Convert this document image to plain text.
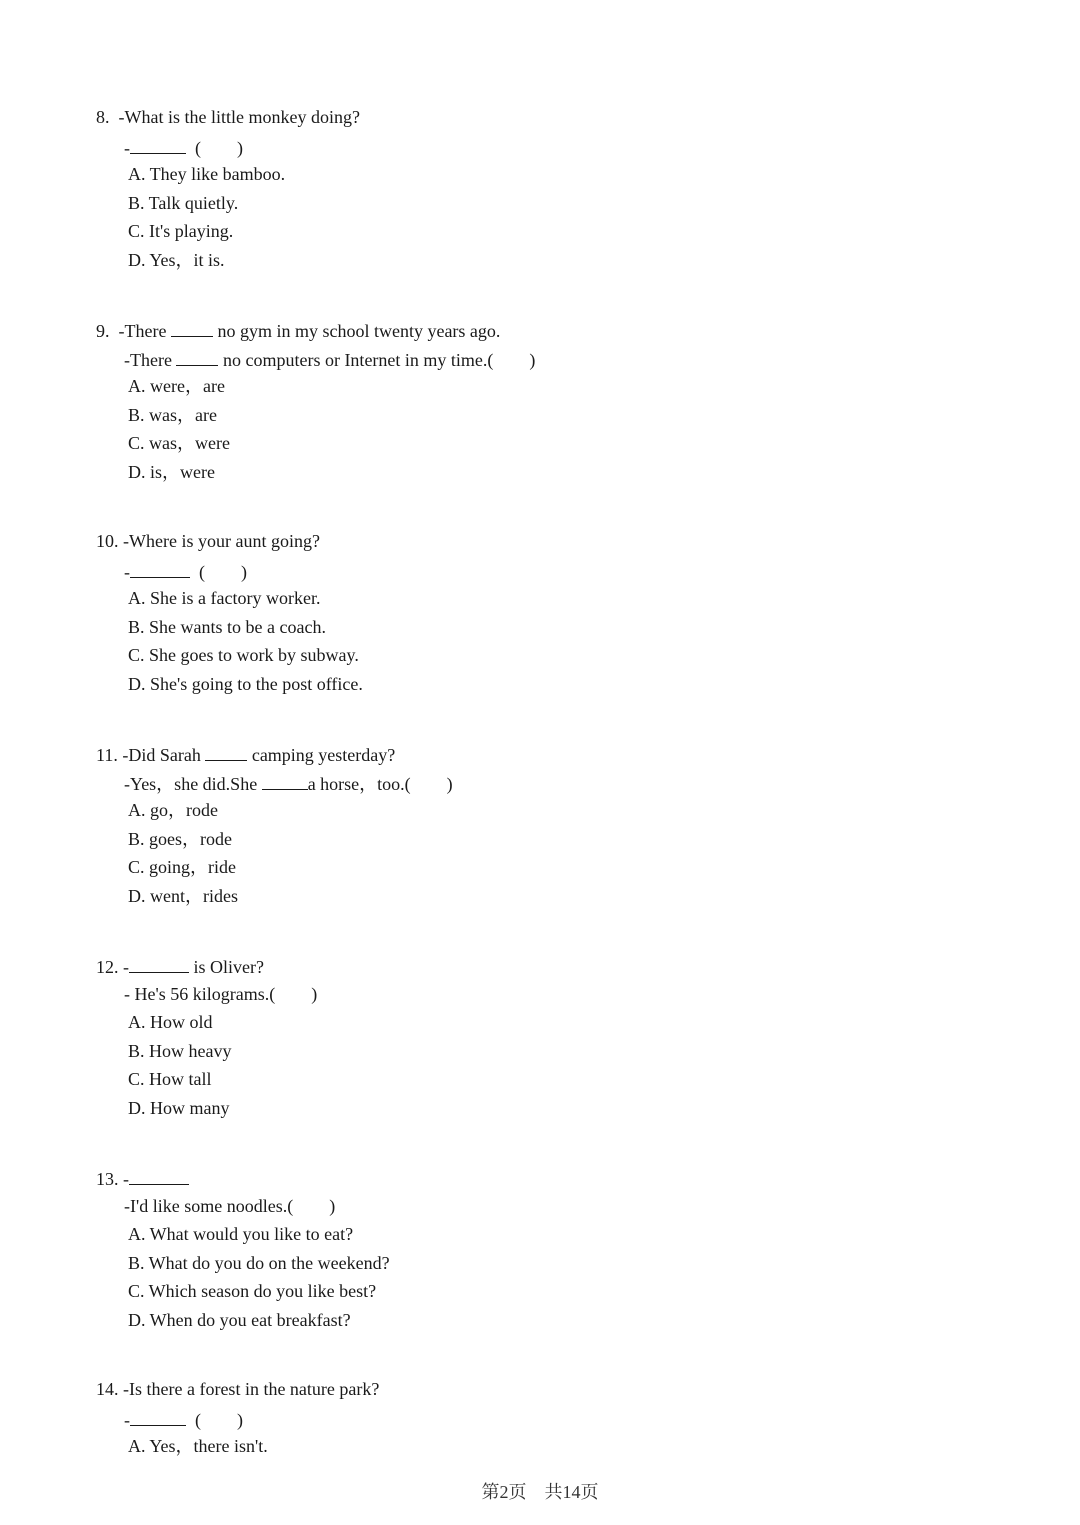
8. -What is the little monkey doing?
-	(　　)
A. They like bamboo.
B. Talk quietly.
C. It's playing.
D. Yes，it is.
9. -There	no gym in my school twenty years ago.
-There	no computers or Internet in my time.(　　)
A. were，are
B. was，are
C. was，were
D. is，were
10. -Where is your aunt going?
-	(　　)
A. She is a factory worker.
B. She wants to be a coach.
C. She goes to work by subway.
D. She's going to the post office.
11. -Did Sarah	camping yesterday?
-Yes，she did.She	a horse，too.(　　)
A. go，rode
B. goes，rode
C. going，ride
D. went，rides
12. -	is Oliver?
- He's 56 kilograms.(　　)
A. How old
B. How heavy
C. How tall
D. How many
13. -
-I'd like some noodles.(　　)
A. What would you like to eat?
B. What do you do on the weekend?
C. Which season do you like best?
D. When do you eat breakfast?
14. -Is there a forest in the nature park?
-	(　　)
A. Yes，there isn't.
第2页　共14页
